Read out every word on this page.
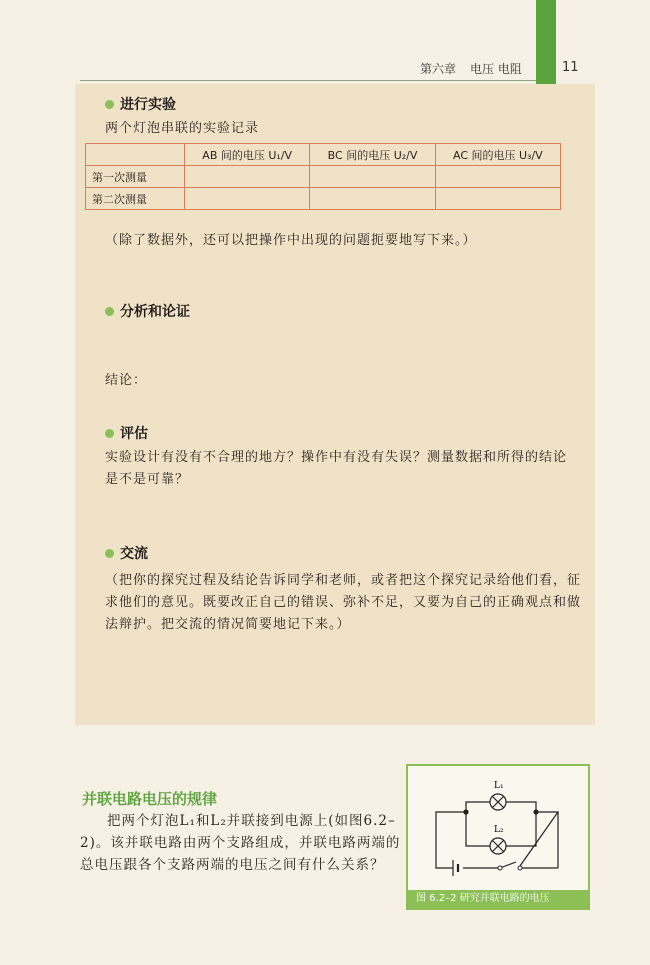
第六章 电压 电阻	11
进行实验
两个灯泡串联的实验记录
	AB 间的电压 U₁/V	BC 间的电压 U₂/V	AC 间的电压 U₃/V
第一次测量			
第二次测量			
（除了数据外，还可以把操作中出现的问题扼要地写下来。）
分析和论证
结论：
评估
实验设计有没有不合理的地方？操作中有没有失误？测量数据和所得的结论是不是可靠？
交流
（把你的探究过程及结论告诉同学和老师，或者把这个探究记录给他们看，征求他们的意见。既要改正自己的错误、弥补不足，又要为自己的正确观点和做法辩护。把交流的情况简要地记下来。）
并联电路电压的规律

把两个灯泡L₁和L₂并联接到电源上(如图6.2–2)。该并联电路由两个支路组成，并联电路两端的总电压跟各个支路两端的电压之间有什么关系？

L₁
L₂
图 6.2–2 研究并联电路的电压
